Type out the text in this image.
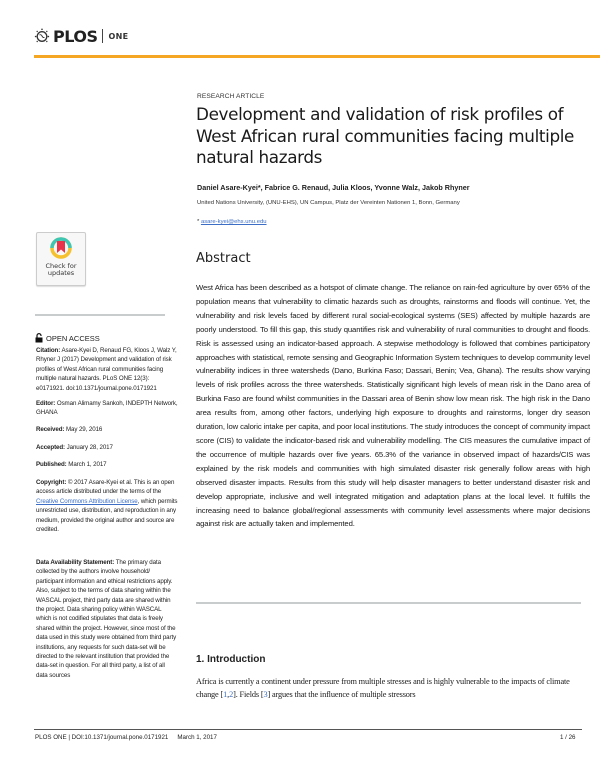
PLOS ONE
Check for
updates
OPEN ACCESS
Citation: Asare-Kyei D, Renaud FG, Kloos J, Walz Y, Rhyner J (2017) Development and validation of risk profiles of West African rural communities facing multiple natural hazards. PLoS ONE 12(3): e0171921. doi:10.1371/journal.pone.0171921
Editor: Osman Alimamy Sankoh, INDEPTH Network, GHANA
Received: May 29, 2016
Accepted: January 28, 2017
Published: March 1, 2017
Copyright: © 2017 Asare-Kyei et al. This is an open access article distributed under the terms of the Creative Commons Attribution License, which permits unrestricted use, distribution, and reproduction in any medium, provided the original author and source are credited.
Data Availability Statement: The primary data collected by the authors involve household/ participant information and ethical restrictions apply. Also, subject to the terms of data sharing within the WASCAL project, third party data are shared within the project. Data sharing policy within WASCAL which is not codified stipulates that data is freely shared within the project. However, since most of the data used in this study were obtained from third party institutions, any requests for such data-set will be directed to the relevant institution that provided the data-set in question. For all third party, a list of all data sources
RESEARCH ARTICLE
Development and validation of risk profiles of West African rural communities facing multiple natural hazards
Daniel Asare-Kyei*, Fabrice G. Renaud, Julia Kloos, Yvonne Walz, Jakob Rhyner
United Nations University, (UNU-EHS), UN Campus, Platz der Vereinten Nationen 1, Bonn, Germany
* asare-kyei@ehs.unu.edu
Abstract
West Africa has been described as a hotspot of climate change. The reliance on rain-fed agriculture by over 65% of the population means that vulnerability to climatic hazards such as droughts, rainstorms and floods will continue. Yet, the vulnerability and risk levels faced by different rural social-ecological systems (SES) affected by multiple hazards are poorly understood. To fill this gap, this study quantifies risk and vulnerability of rural communities to drought and floods. Risk is assessed using an indicator-based approach. A stepwise methodology is followed that combines participatory approaches with statistical, remote sensing and Geographic Information System techniques to develop community level vulnerability indices in three watersheds (Dano, Burkina Faso; Dassari, Benin; Vea, Ghana). The results show varying levels of risk profiles across the three watersheds. Statistically significant high levels of mean risk in the Dano area of Burkina Faso are found whilst communities in the Dassari area of Benin show low mean risk. The high risk in the Dano area results from, among other factors, underlying high exposure to droughts and rainstorms, longer dry season duration, low caloric intake per capita, and poor local institutions. The study introduces the concept of community impact score (CIS) to validate the indicator-based risk and vulnerability modelling. The CIS measures the cumulative impact of the occurrence of multiple hazards over five years. 65.3% of the variance in observed impact of hazards/CIS was explained by the risk models and communities with high simulated disaster risk generally follow areas with high observed disaster impacts. Results from this study will help disaster managers to better understand disaster risk and develop appropriate, inclusive and well integrated mitigation and adaptation plans at the local level. It fulfills the increasing need to balance global/regional assessments with community level assessments where major decisions against risk are actually taken and implemented.
1. Introduction
Africa is currently a continent under pressure from multiple stresses and is highly vulnerable to the impacts of climate change [1,2]. Fields [3] argues that the influence of multiple stressors
PLOS ONE | DOI:10.1371/journal.pone.0171921 March 1, 2017	1 / 26
